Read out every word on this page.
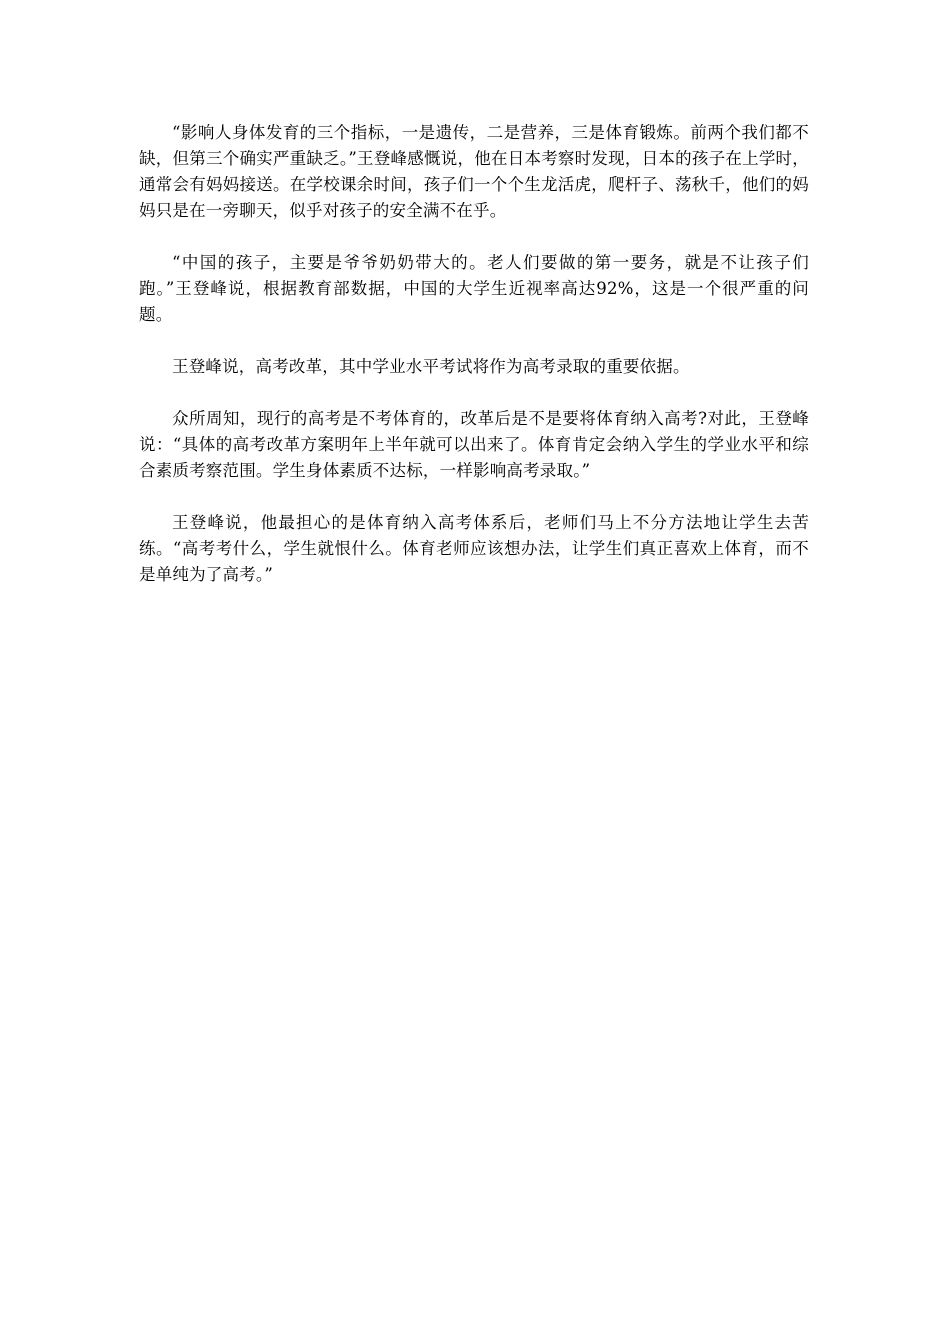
“影响人身体发育的三个指标，一是遗传，二是营养，三是体育锻炼。前两个我们都不缺，但第三个确实严重缺乏。”王登峰感慨说，他在日本考察时发现，日本的孩子在上学时，通常会有妈妈接送。在学校课余时间，孩子们一个个生龙活虎，爬杆子、荡秋千，他们的妈妈只是在一旁聊天，似乎对孩子的安全满不在乎。

“中国的孩子，主要是爷爷奶奶带大的。老人们要做的第一要务，就是不让孩子们跑。”王登峰说，根据教育部数据，中国的大学生近视率高达92%，这是一个很严重的问题。

王登峰说，高考改革，其中学业水平考试将作为高考录取的重要依据。

众所周知，现行的高考是不考体育的，改革后是不是要将体育纳入高考?对此，王登峰说：“具体的高考改革方案明年上半年就可以出来了。体育肯定会纳入学生的学业水平和综合素质考察范围。学生身体素质不达标，一样影响高考录取。”

王登峰说，他最担心的是体育纳入高考体系后，老师们马上不分方法地让学生去苦练。“高考考什么，学生就恨什么。体育老师应该想办法，让学生们真正喜欢上体育，而不是单纯为了高考。”
